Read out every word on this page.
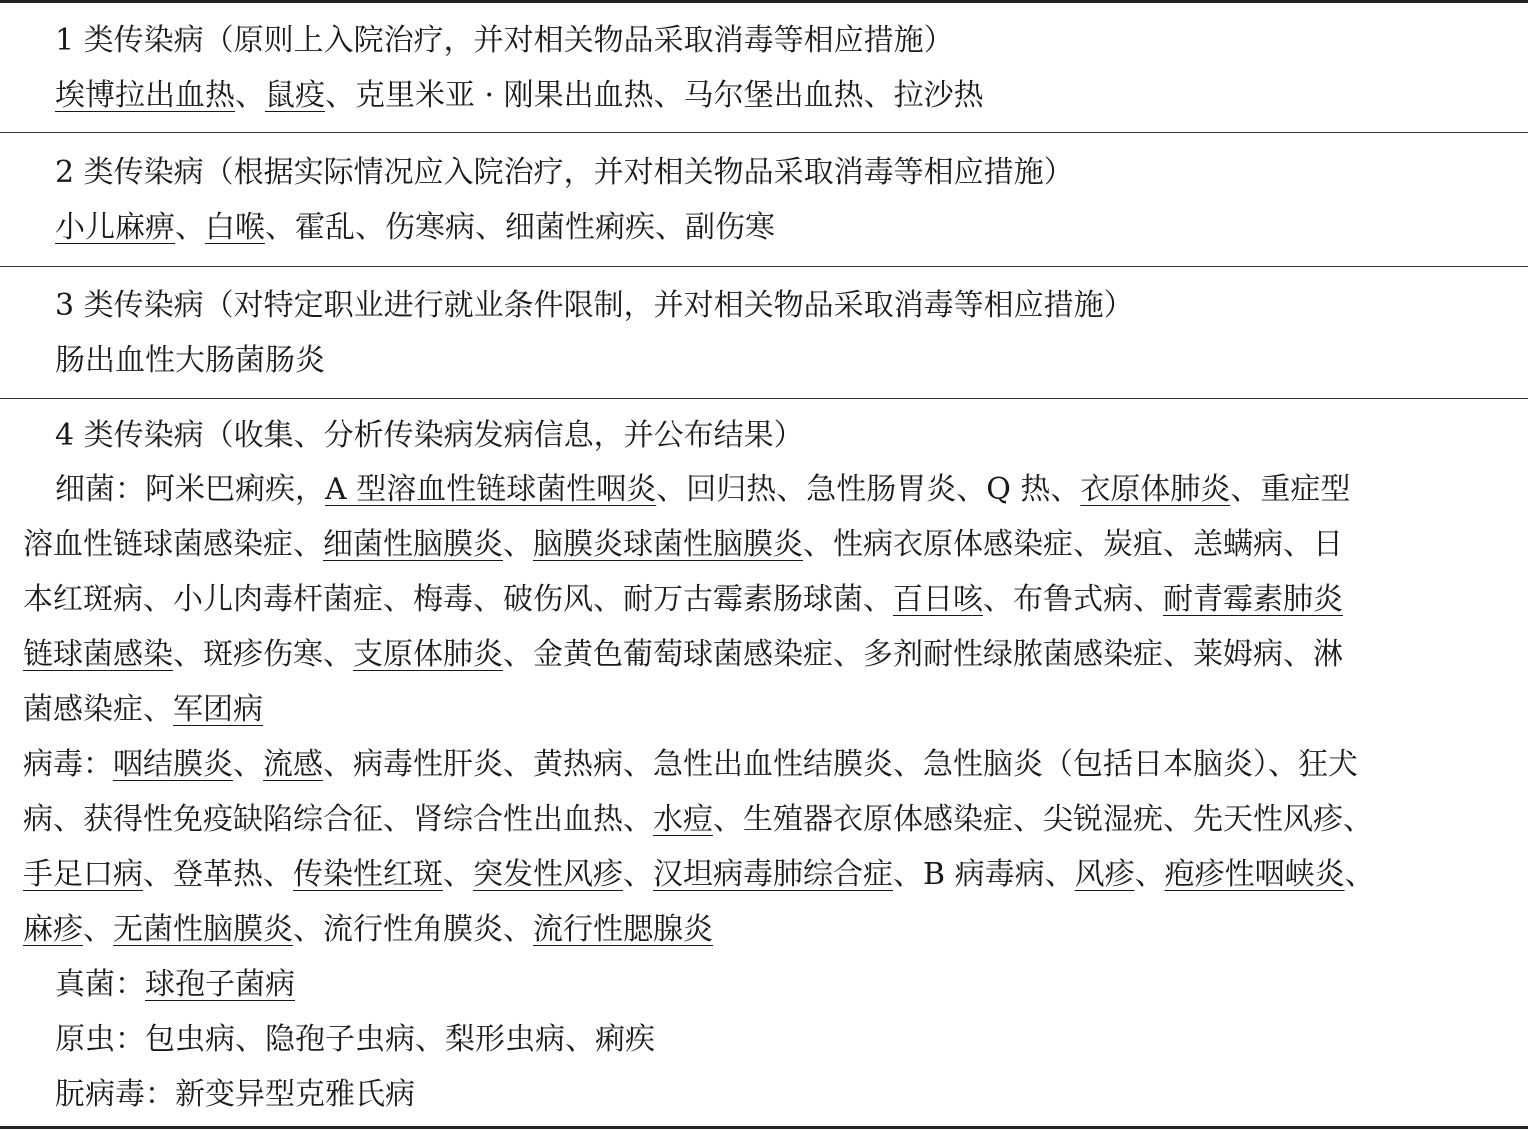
1 类传染病（原则上入院治疗，并对相关物品采取消毒等相应措施）
埃博拉出血热、鼠疫、克里米亚 · 刚果出血热、马尔堡出血热、拉沙热
2 类传染病（根据实际情况应入院治疗，并对相关物品采取消毒等相应措施）
小儿麻痹、白喉、霍乱、伤寒病、细菌性痢疾、副伤寒
3 类传染病（对特定职业进行就业条件限制，并对相关物品采取消毒等相应措施）
肠出血性大肠菌肠炎
4 类传染病（收集、分析传染病发病信息，并公布结果）
细菌：阿米巴痢疾，A 型溶血性链球菌性咽炎、回归热、急性肠胃炎、Q 热、衣原体肺炎、重症型
溶血性链球菌感染症、细菌性脑膜炎、脑膜炎球菌性脑膜炎、性病衣原体感染症、炭疽、恙螨病、日
本红斑病、小儿肉毒杆菌症、梅毒、破伤风、耐万古霉素肠球菌、百日咳、布鲁式病、耐青霉素肺炎
链球菌感染、斑疹伤寒、支原体肺炎、金黄色葡萄球菌感染症、多剂耐性绿脓菌感染症、莱姆病、淋
菌感染症、军团病
病毒：咽结膜炎、流感、病毒性肝炎、黄热病、急性出血性结膜炎、急性脑炎（包括日本脑炎）、狂犬
病、获得性免疫缺陷综合征、肾综合性出血热、水痘、生殖器衣原体感染症、尖锐湿疣、先天性风疹、
手足口病、登革热、传染性红斑、突发性风疹、汉坦病毒肺综合症、B 病毒病、风疹、疱疹性咽峡炎、
麻疹、无菌性脑膜炎、流行性角膜炎、流行性腮腺炎
真菌：球孢子菌病
原虫：包虫病、隐孢子虫病、梨形虫病、痢疾
朊病毒：新变异型克雅氏病
